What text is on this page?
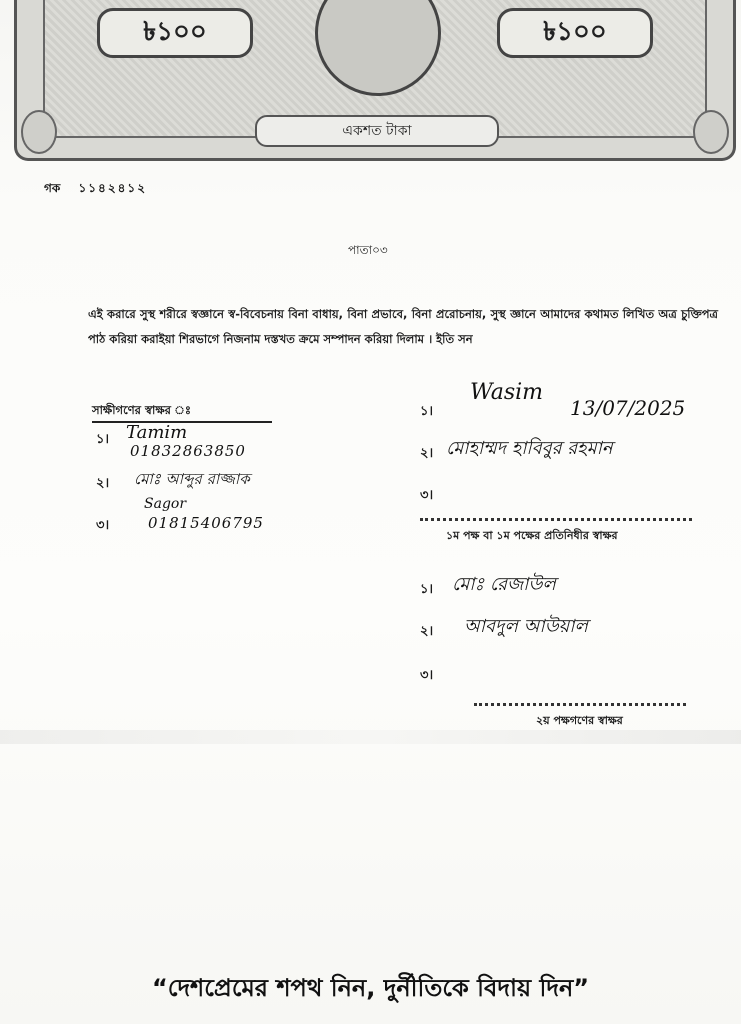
৳১০০	৳১০০
একশত টাকা
গক ১১৪২৪১২
পাতা০৩
এই করারে সুস্থ শরীরে স্বজ্ঞানে স্ব-বিবেচনায় বিনা বাধায়, বিনা প্রভাবে, বিনা প্ররোচনায়, সুস্থ জ্ঞানে আমাদের কথামত লিখিত অত্র চুক্তিপত্র পাঠ করিয়া করাইয়া শিরভাগে নিজনাম দস্তখত ক্রমে সম্পাদন করিয়া দিলাম । ইতি সন
সাক্ষীগণের স্বাক্ষর ঃ
১। Tamim
01832863850
২। মোঃ আব্দুর রাজ্জাক
৩।
Sagor
01815406795
১।
Wasim
13/07/2025
২। মোহাম্মদ হাবিবুর রহমান
৩।
১ম পক্ষ বা ১ম পক্ষের প্রতিনিধীর স্বাক্ষর
১। মোঃ রেজাউল
২। আবদুল আউয়াল
৩।
২য় পক্ষগণের স্বাক্ষর
“দেশপ্রেমের শপথ নিন, দুর্নীতিকে বিদায় দিন”
